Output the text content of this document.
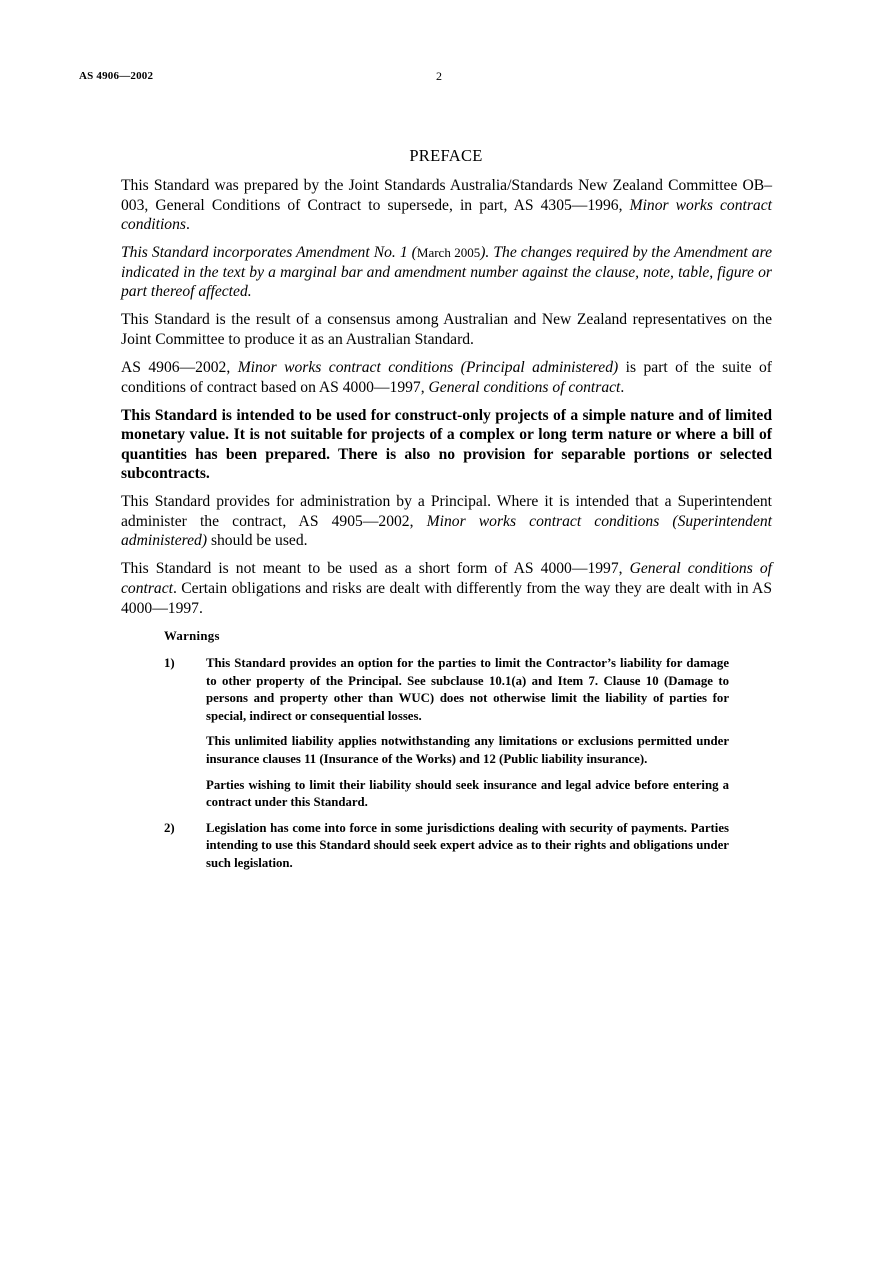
AS 4906—2002	2
PREFACE

This Standard was prepared by the Joint Standards Australia/Standards New Zealand Committee OB–003, General Conditions of Contract to supersede, in part, AS 4305—1996, Minor works contract conditions.

This Standard incorporates Amendment No. 1 (March 2005). The changes required by the Amendment are indicated in the text by a marginal bar and amendment number against the clause, note, table, figure or part thereof affected.

This Standard is the result of a consensus among Australian and New Zealand representatives on the Joint Committee to produce it as an Australian Standard.

AS 4906—2002, Minor works contract conditions (Principal administered) is part of the suite of conditions of contract based on AS 4000—1997, General conditions of contract.

This Standard is intended to be used for construct-only projects of a simple nature and of limited monetary value. It is not suitable for projects of a complex or long term nature or where a bill of quantities has been prepared. There is also no provision for separable portions or selected subcontracts.

This Standard provides for administration by a Principal. Where it is intended that a Superintendent administer the contract, AS 4905—2002, Minor works contract conditions (Superintendent administered) should be used.

This Standard is not meant to be used as a short form of AS 4000—1997, General conditions of contract. Certain obligations and risks are dealt with differently from the way they are dealt with in AS 4000—1997.

Warnings
1) This Standard provides an option for the parties to limit the Contractor’s liability for damage to other property of the Principal. See subclause 10.1(a) and Item 7. Clause 10 (Damage to persons and property other than WUC) does not otherwise limit the liability of parties for special, indirect or consequential losses.

This unlimited liability applies notwithstanding any limitations or exclusions permitted under insurance clauses 11 (Insurance of the Works) and 12 (Public liability insurance).

Parties wishing to limit their liability should seek insurance and legal advice before entering a contract under this Standard.

2) Legislation has come into force in some jurisdictions dealing with security of payments. Parties intending to use this Standard should seek expert advice as to their rights and obligations under such legislation.
